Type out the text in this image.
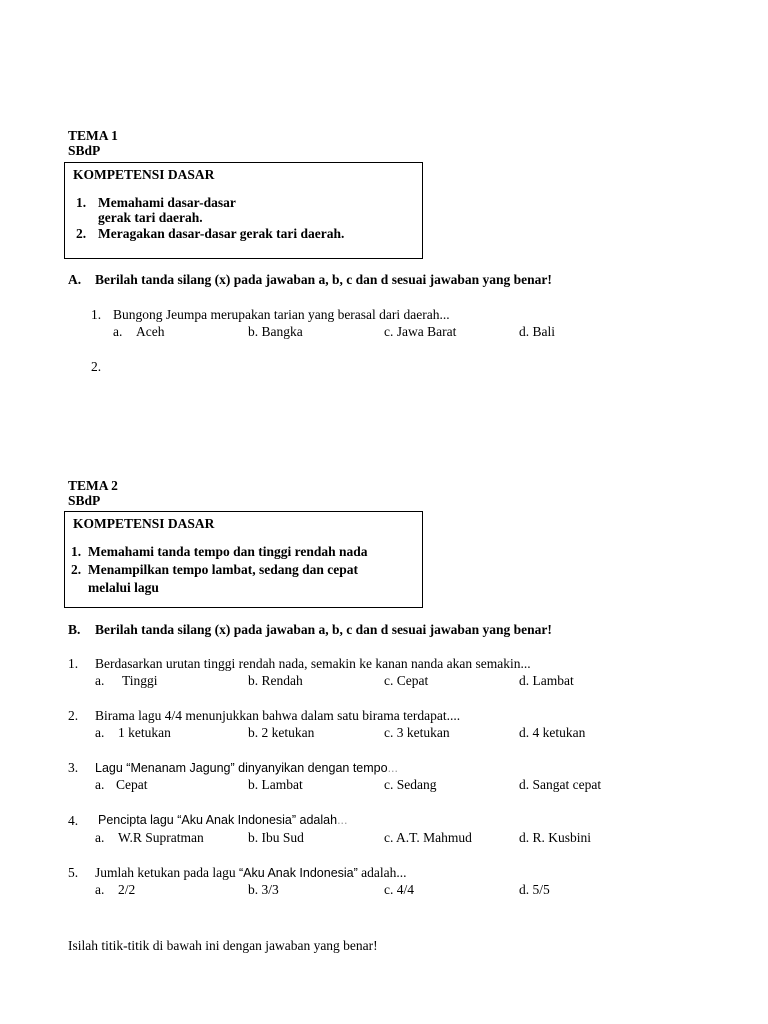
TEMA 1
SBdP
KOMPETENSI DASAR
1. Memahami dasar-dasar
gerak tari daerah.
2. Meragakan dasar-dasar gerak tari daerah.
A. Berilah tanda silang (x) pada jawaban a, b, c dan d sesuai jawaban yang benar!
1. Bungong Jeumpa merupakan tarian yang berasal dari daerah...
a. Aceh	b. Bangka	c. Jawa Barat	d. Bali
2.
TEMA 2
SBdP
KOMPETENSI DASAR
1. Memahami tanda tempo dan tinggi rendah nada
2. Menampilkan tempo lambat, sedang dan cepat
melalui lagu
B. Berilah tanda silang (x) pada jawaban a, b, c dan d sesuai jawaban yang benar!
1. Berdasarkan urutan tinggi rendah nada, semakin ke kanan nanda akan semakin...
a. Tinggi	b. Rendah	c. Cepat	d. Lambat
2. Birama lagu 4/4 menunjukkan bahwa dalam satu birama terdapat....
a. 1 ketukan	b. 2 ketukan	c. 3 ketukan	d. 4 ketukan
3. Lagu “Menanam Jagung” dinyanyikan dengan tempo...
a. Cepat	b. Lambat	c. Sedang	d. Sangat cepat
4. Pencipta lagu “Aku Anak Indonesia” adalah...
a. W.R Supratman	b. Ibu Sud	c. A.T. Mahmud	d. R. Kusbini
5. Jumlah ketukan pada lagu “Aku Anak Indonesia” adalah...
a. 2/2	b. 3/3	c. 4/4	d. 5/5
Isilah titik-titik di bawah ini dengan jawaban yang benar!
